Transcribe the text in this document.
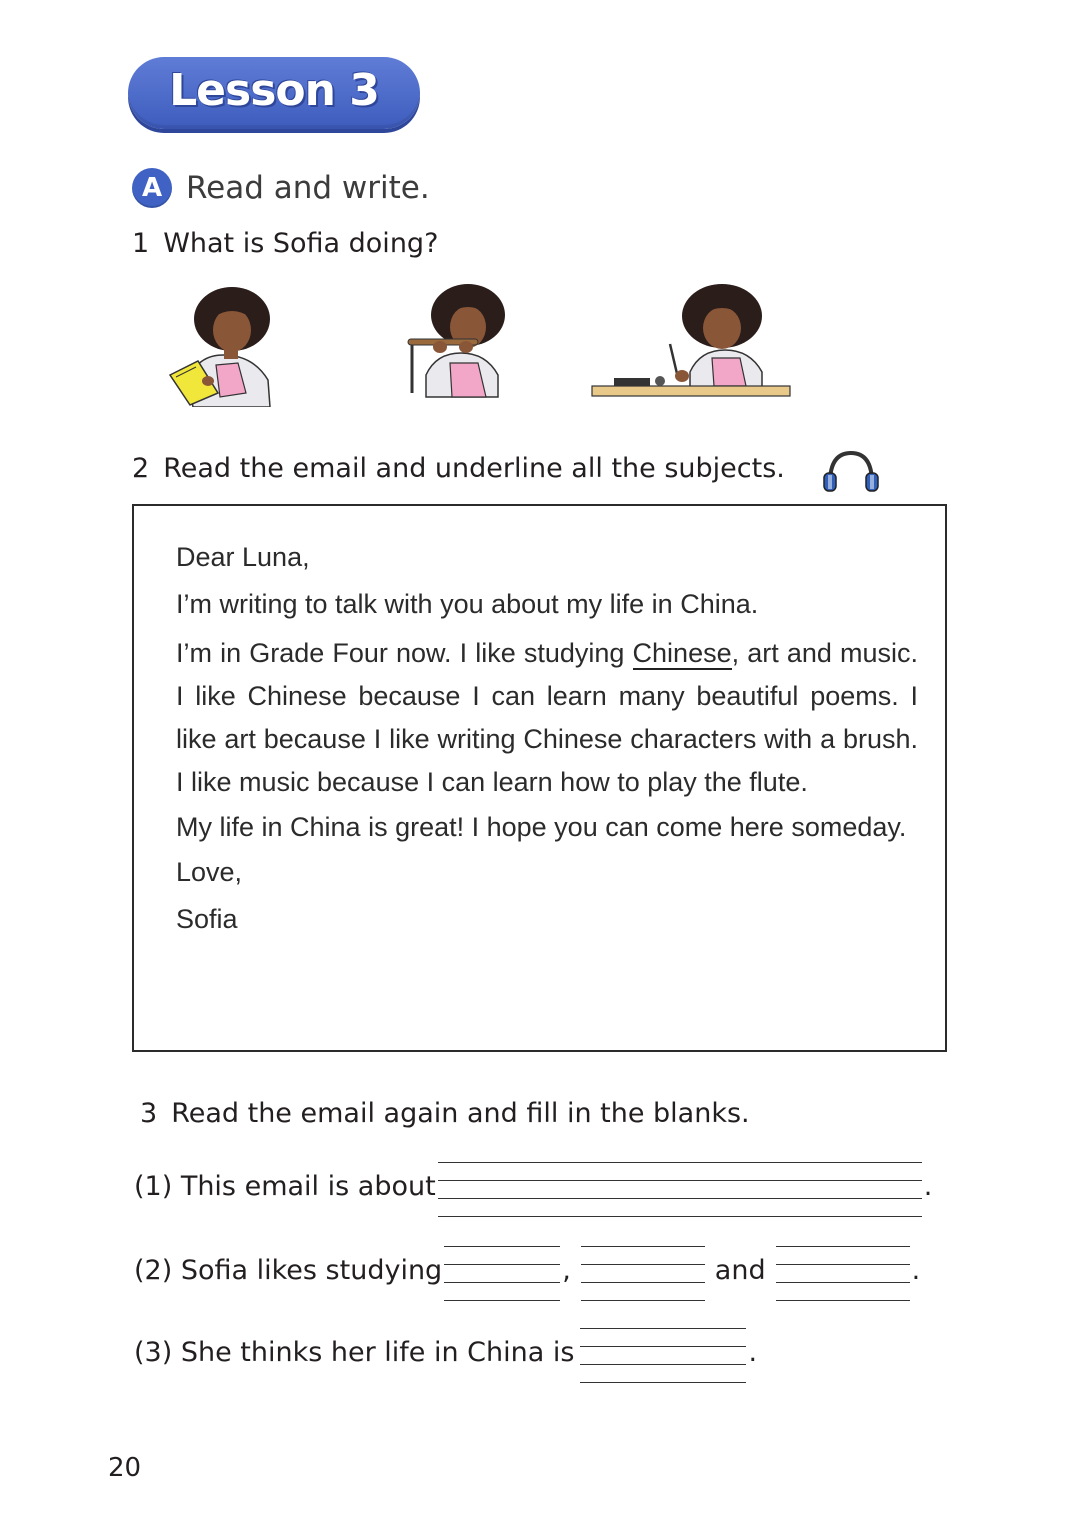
Lesson 3
A Read and write.
1 What is Sofia doing?
2 Read the email and underline all the subjects.
Dear Luna,
I’m writing to talk with you about my life in China.
I’m in Grade Four now. I like studying Chinese, art and music. I like Chinese because I can learn many beautiful poems. I like art because I like writing Chinese characters with a brush. I like music because I can learn how to play the flute.
My life in China is great! I hope you can come here someday.
Love,
Sofia
3 Read the email again and fill in the blanks.
(1) This email is about	.
(2) Sofia likes studying	,	and	.
(3) She thinks her life in China is	.
20
